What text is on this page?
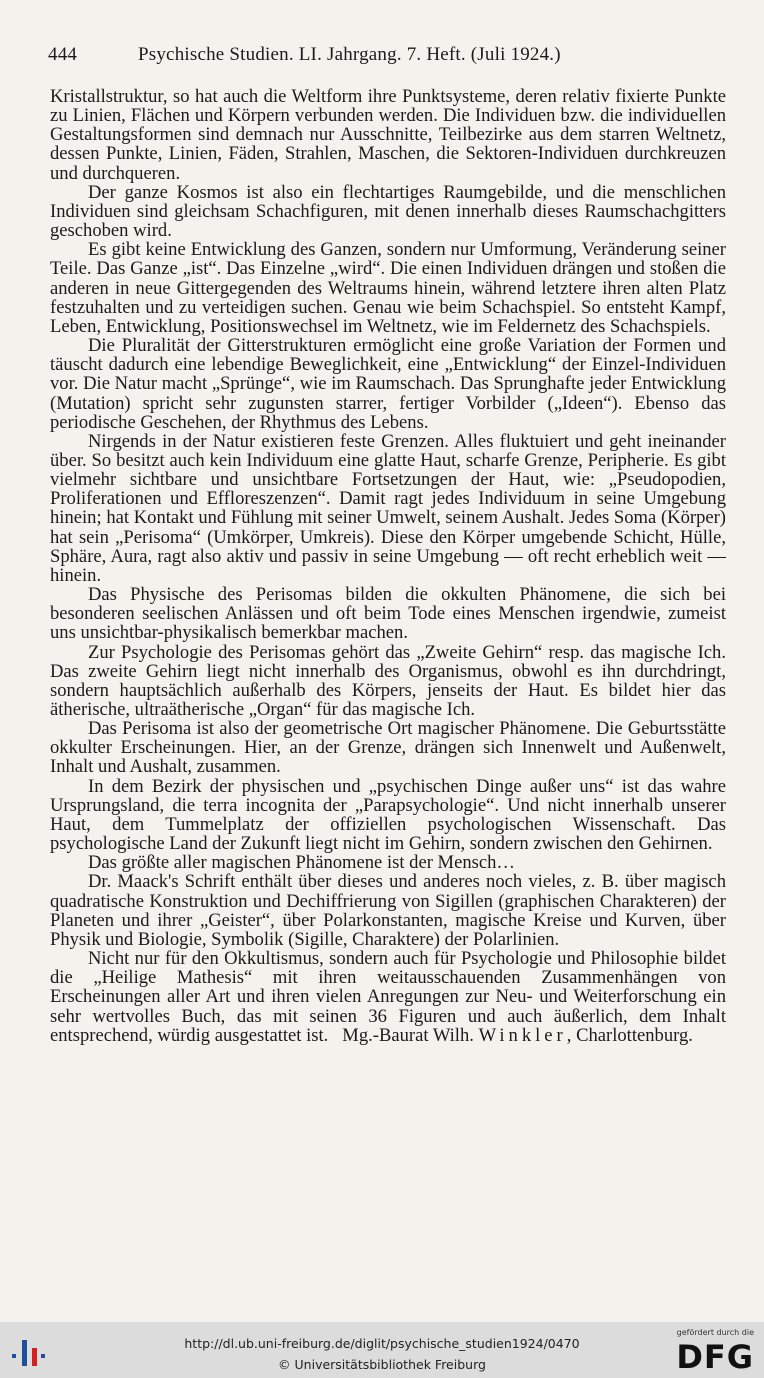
444	Psychische Studien. LI. Jahrgang. 7. Heft. (Juli 1924.)

Kristallstruktur, so hat auch die Weltform ihre Punktsysteme, deren relativ fixierte Punkte zu Linien, Flächen und Körpern verbunden werden. Die Individuen bzw. die individuellen Gestaltungsformen sind demnach nur Ausschnitte, Teilbezirke aus dem starren Weltnetz, dessen Punkte, Linien, Fäden, Strahlen, Maschen, die Sektoren-Individuen durchkreuzen und durchqueren.

Der ganze Kosmos ist also ein flechtartiges Raumgebilde, und die menschlichen Individuen sind gleichsam Schachfiguren, mit denen innerhalb dieses Raumschachgitters geschoben wird.

Es gibt keine Entwicklung des Ganzen, sondern nur Umformung, Veränderung seiner Teile. Das Ganze „ist“. Das Einzelne „wird“. Die einen Individuen drängen und stoßen die anderen in neue Gittergegenden des Weltraums hinein, während letztere ihren alten Platz festzuhalten und zu verteidigen suchen. Genau wie beim Schachspiel. So entsteht Kampf, Leben, Entwicklung, Positionswechsel im Weltnetz, wie im Feldernetz des Schachspiels.

Die Pluralität der Gitterstrukturen ermöglicht eine große Variation der Formen und täuscht dadurch eine lebendige Beweglichkeit, eine „Entwicklung“ der Einzel-Individuen vor. Die Natur macht „Sprünge“, wie im Raumschach. Das Sprunghafte jeder Entwicklung (Mutation) spricht sehr zugunsten starrer, fertiger Vorbilder („Ideen“). Ebenso das periodische Geschehen, der Rhythmus des Lebens.

Nirgends in der Natur existieren feste Grenzen. Alles fluktuiert und geht ineinander über. So besitzt auch kein Individuum eine glatte Haut, scharfe Grenze, Peripherie. Es gibt vielmehr sichtbare und unsichtbare Fortsetzungen der Haut, wie: „Pseudopodien, Proliferationen und Effloreszenzen“. Damit ragt jedes Individuum in seine Umgebung hinein; hat Kontakt und Fühlung mit seiner Umwelt, seinem Aushalt. Jedes Soma (Körper) hat sein „Perisoma“ (Umkörper, Umkreis). Diese den Körper umgebende Schicht, Hülle, Sphäre, Aura, ragt also aktiv und passiv in seine Umgebung — oft recht erheblich weit — hinein.

Das Physische des Perisomas bilden die okkulten Phänomene, die sich bei besonderen seelischen Anlässen und oft beim Tode eines Menschen irgendwie, zumeist uns unsichtbar-physikalisch bemerkbar machen.

Zur Psychologie des Perisomas gehört das „Zweite Gehirn“ resp. das magische Ich. Das zweite Gehirn liegt nicht innerhalb des Organismus, obwohl es ihn durchdringt, sondern hauptsächlich außerhalb des Körpers, jenseits der Haut. Es bildet hier das ätherische, ultraätherische „Organ“ für das magische Ich.

Das Perisoma ist also der geometrische Ort magischer Phänomene. Die Geburtsstätte okkulter Erscheinungen. Hier, an der Grenze, drängen sich Innenwelt und Außenwelt, Inhalt und Aushalt, zusammen.

In dem Bezirk der physischen und „psychischen Dinge außer uns“ ist das wahre Ursprungsland, die terra incognita der „Parapsychologie“. Und nicht innerhalb unserer Haut, dem Tummelplatz der offiziellen psychologischen Wissenschaft. Das psychologische Land der Zukunft liegt nicht im Gehirn, sondern zwischen den Gehirnen.

Das größte aller magischen Phänomene ist der Mensch…

Dr. Maack's Schrift enthält über dieses und anderes noch vieles, z. B. über magisch quadratische Konstruktion und Dechiffrierung von Sigillen (graphischen Charakteren) der Planeten und ihrer „Geister“, über Polarkonstanten, magische Kreise und Kurven, über Physik und Biologie, Symbolik (Sigille, Charaktere) der Polarlinien.

Nicht nur für den Okkultismus, sondern auch für Psychologie und Philosophie bildet die „Heilige Mathesis“ mit ihren weitausschauenden Zusammenhängen von Erscheinungen aller Art und ihren vielen Anregungen zur Neu- und Weiterforschung ein sehr wertvolles Buch, das mit seinen 36 Figuren und auch äußerlich, dem Inhalt entsprechend, würdig ausgestattet ist. Mg.-Baurat Wilh. Winkler, Charlottenburg.

http://dl.ub.uni-freiburg.de/diglit/psychische_studien1924/0470
© Universitätsbibliothek Freiburg
gefördert durch die
DFG
